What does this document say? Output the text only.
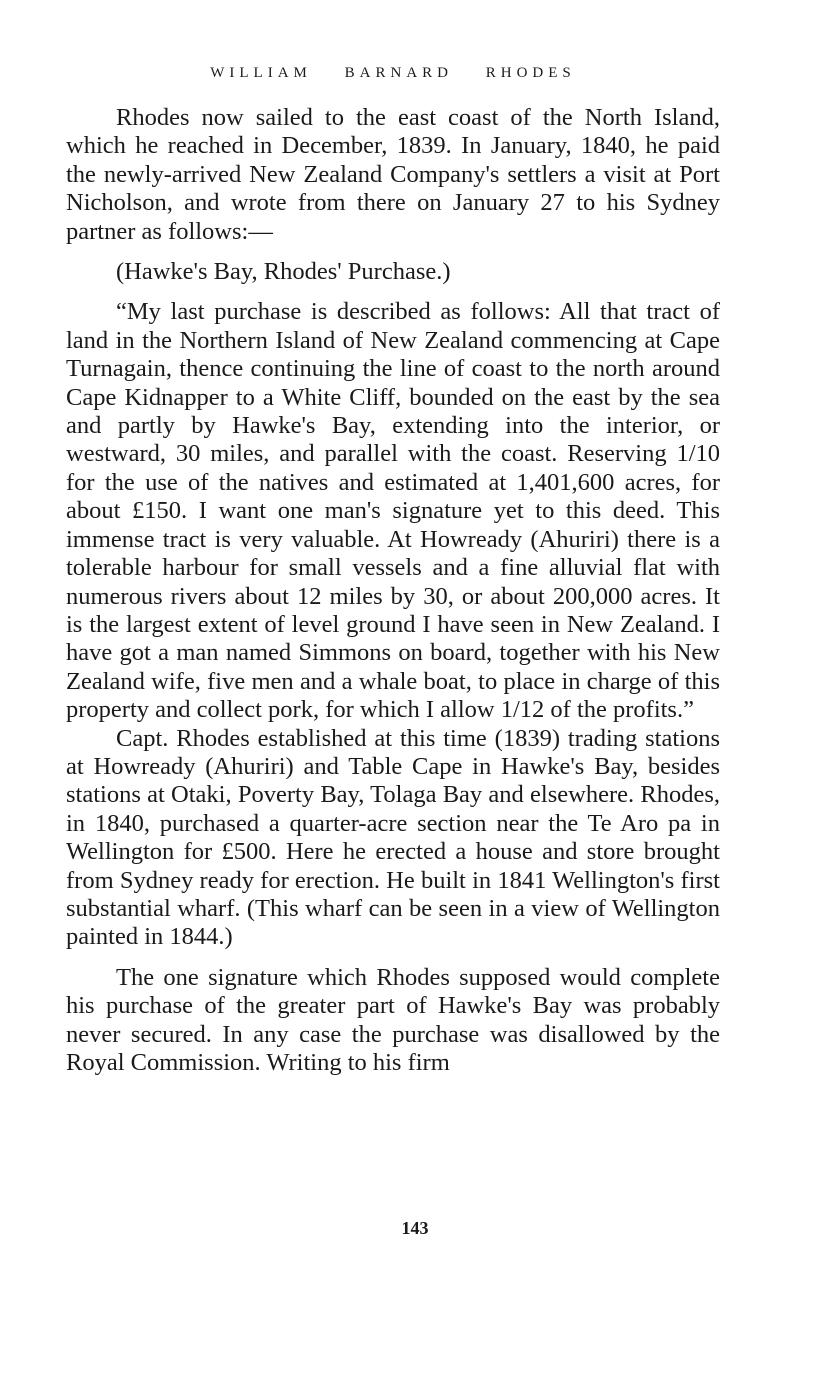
WILLIAM BARNARD RHODES

Rhodes now sailed to the east coast of the North Island, which he reached in December, 1839. In January, 1840, he paid the newly-arrived New Zealand Company's settlers a visit at Port Nicholson, and wrote from there on January 27 to his Sydney partner as follows:—

(Hawke's Bay, Rhodes' Purchase.)

“My last purchase is described as follows: All that tract of land in the Northern Island of New Zealand commencing at Cape Turnagain, thence continuing the line of coast to the north around Cape Kidnapper to a White Cliff, bounded on the east by the sea and partly by Hawke's Bay, extending into the interior, or westward, 30 miles, and parallel with the coast. Reserving 1/10 for the use of the natives and estimated at 1,401,600 acres, for about £150. I want one man's signature yet to this deed. This immense tract is very valuable. At Howready (Ahuriri) there is a tolerable harbour for small vessels and a fine alluvial flat with numerous rivers about 12 miles by 30, or about 200,000 acres. It is the largest extent of level ground I have seen in New Zealand. I have got a man named Simmons on board, together with his New Zealand wife, five men and a whale boat, to place in charge of this property and collect pork, for which I allow 1/12 of the profits.”

Capt. Rhodes established at this time (1839) trading stations at Howready (Ahuriri) and Table Cape in Hawke's Bay, besides stations at Otaki, Poverty Bay, Tolaga Bay and elsewhere. Rhodes, in 1840, purchased a quarter-acre section near the Te Aro pa in Wellington for £500. Here he erected a house and store brought from Sydney ready for erection. He built in 1841 Wellington's first substantial wharf. (This wharf can be seen in a view of Wellington painted in 1844.)

The one signature which Rhodes supposed would complete his purchase of the greater part of Hawke's Bay was probably never secured. In any case the purchase was disallowed by the Royal Commission. Writing to his firm

143
